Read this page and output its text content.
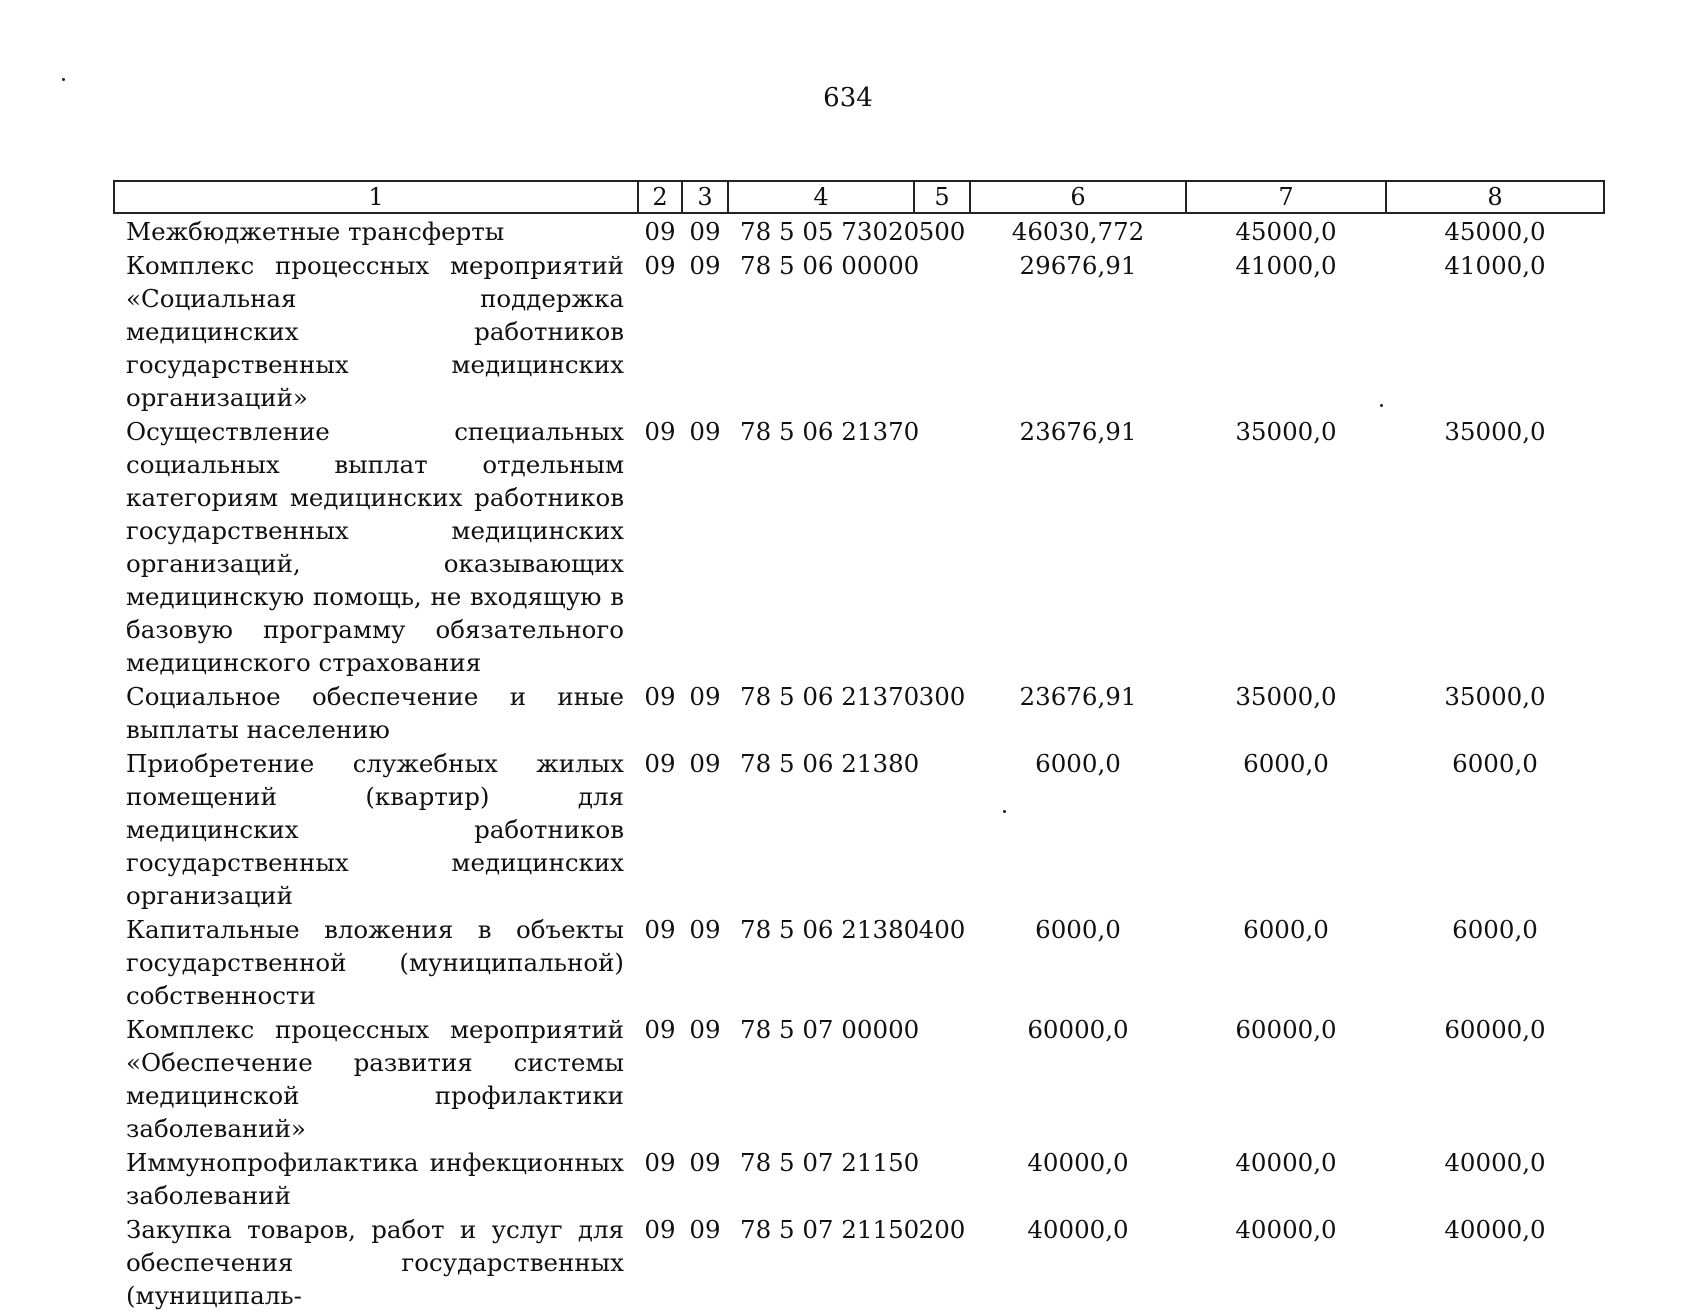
634
1	2	3	4	5	6	7	8
Межбюджетные трансферты	09	09	78 5 05 73020	500	46030,772	45000,0	45000,0
Комплекс процессных мероприятий «Социальная поддержка медицинских работников государственных медицинских организаций»	09	09	78 5 06 00000		29676,91	41000,0	41000,0
Осуществление специальных социальных выплат отдельным категориям медицинских работников государственных медицинских организаций, оказывающих медицинскую помощь, не входящую в базовую программу обязательного медицинского страхования	09	09	78 5 06 21370		23676,91	35000,0	35000,0
Социальное обеспечение и иные выплаты населению	09	09	78 5 06 21370	300	23676,91	35000,0	35000,0
Приобретение служебных жилых помещений (квартир) для медицинских работников государственных медицинских организаций	09	09	78 5 06 21380		6000,0	6000,0	6000,0
Капитальные вложения в объекты государственной (муниципальной) собственности	09	09	78 5 06 21380	400	6000,0	6000,0	6000,0
Комплекс процессных мероприятий «Обеспечение развития системы медицинской профилактики заболеваний»	09	09	78 5 07 00000		60000,0	60000,0	60000,0
Иммунопрофилактика инфекционных заболеваний	09	09	78 5 07 21150		40000,0	40000,0	40000,0
Закупка товаров, работ и услуг для обеспечения государственных (муниципаль-	09	09	78 5 07 21150	200	40000,0	40000,0	40000,0
